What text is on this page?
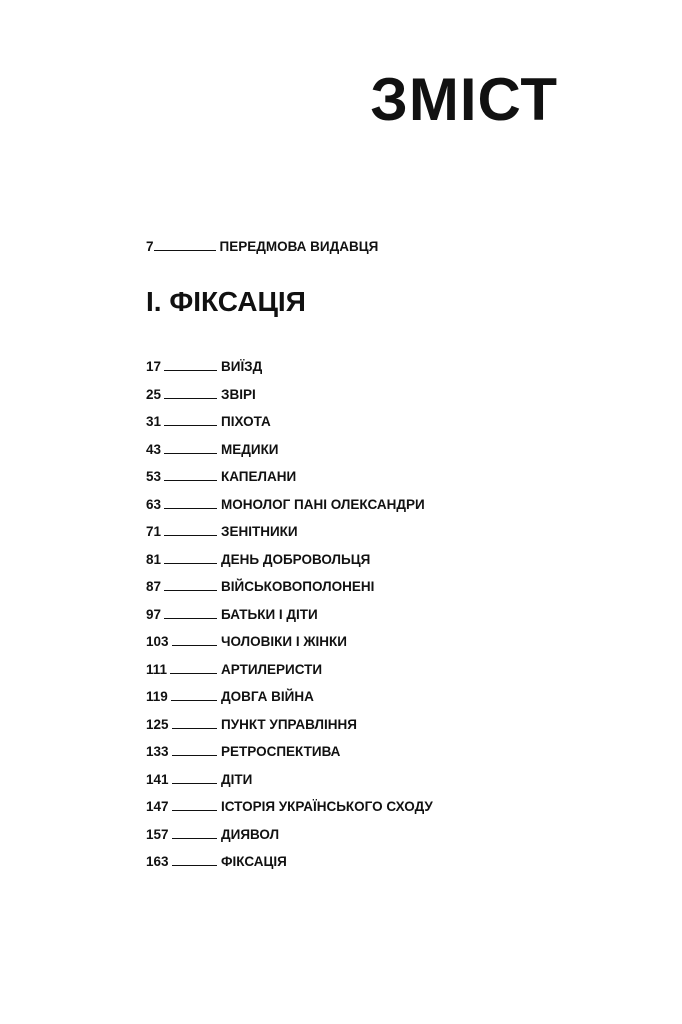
ЗМІСТ
7	ПЕРЕДМОВА ВИДАВЦЯ
І. ФІКСАЦІЯ
17	ВИЇЗД
25	ЗВІРІ
31	ПІХОТА
43	МЕДИКИ
53	КАПЕЛАНИ
63	МОНОЛОГ ПАНІ ОЛЕКСАНДРИ
71	ЗЕНІТНИКИ
81	ДЕНЬ ДОБРОВОЛЬЦЯ
87	ВІЙСЬКОВОПОЛОНЕНІ
97	БАТЬКИ І ДІТИ
103	ЧОЛОВІКИ І ЖІНКИ
111	АРТИЛЕРИСТИ
119	ДОВГА ВІЙНА
125	ПУНКТ УПРАВЛІННЯ
133	РЕТРОСПЕКТИВА
141	ДІТИ
147	ІСТОРІЯ УКРАЇНСЬКОГО СХОДУ
157	ДИЯВОЛ
163	ФІКСАЦІЯ
